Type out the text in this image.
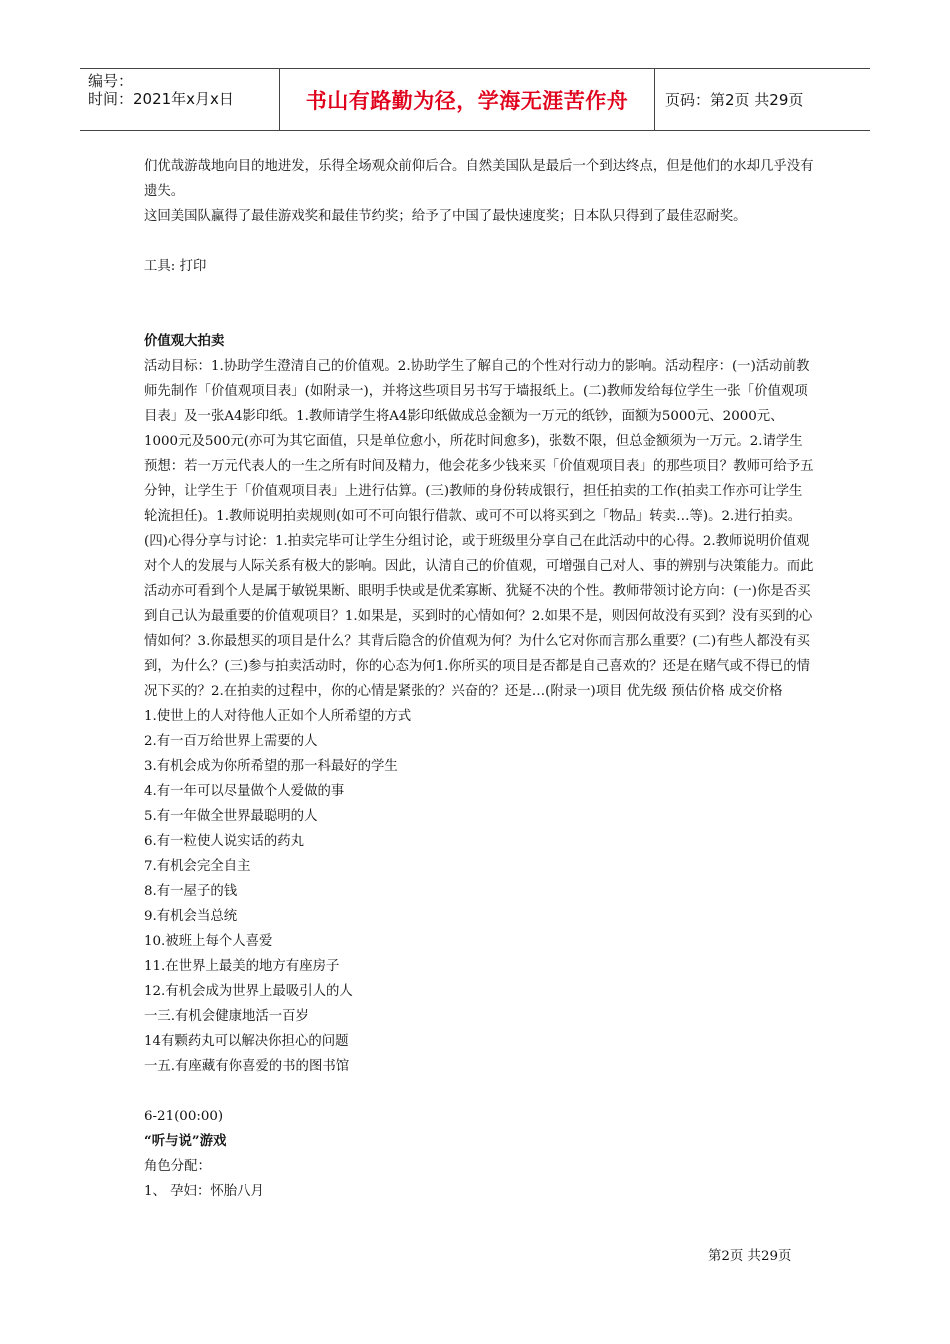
编号：
时间：2021年x月x日	书山有路勤为径，学海无涯苦作舟	页码：第2页 共29页

们优哉游哉地向目的地进发，乐得全场观众前仰后合。自然美国队是最后一个到达终点，但是他们的水却几乎没有遗失。

这回美国队赢得了最佳游戏奖和最佳节约奖；给予了中国了最快速度奖；日本队只得到了最佳忍耐奖。

工具: 打印

价值观大拍卖

活动目标：1.协助学生澄清自己的价值观。2.协助学生了解自己的个性对行动力的影响。活动程序：(一)活动前教师先制作「价值观项目表」(如附录一)，并将这些项目另书写于墙报纸上。(二)教师发给每位学生一张「价值观项目表」及一张A4影印纸。1.教师请学生将A4影印纸做成总金额为一万元的纸钞，面额为5000元、2000元、1000元及500元(亦可为其它面值，只是单位愈小，所花时间愈多)，张数不限，但总金额须为一万元。2.请学生预想：若一万元代表人的一生之所有时间及精力，他会花多少钱来买「价值观项目表」的那些项目？教师可给予五分钟，让学生于「价值观项目表」上进行估算。(三)教师的身份转成银行，担任拍卖的工作(拍卖工作亦可让学生轮流担任)。1.教师说明拍卖规则(如可不可向银行借款、或可不可以将买到之「物品」转卖…等)。2.进行拍卖。(四)心得分享与讨论：1.拍卖完毕可让学生分组讨论，或于班级里分享自己在此活动中的心得。2.教师说明价值观对个人的发展与人际关系有极大的影响。因此，认清自己的价值观，可增强自己对人、事的辨别与决策能力。而此活动亦可看到个人是属于敏锐果断、眼明手快或是优柔寡断、犹疑不决的个性。教师带领讨论方向：(一)你是否买到自己认为最重要的价值观项目？1.如果是，买到时的心情如何？2.如果不是，则因何故没有买到？没有买到的心情如何？3.你最想买的项目是什么？其背后隐含的价值观为何？为什么它对你而言那么重要？(二)有些人都没有买到，为什么？(三)参与拍卖活动时，你的心态为何1.你所买的项目是否都是自己喜欢的？还是在赌气或不得已的情况下买的？2.在拍卖的过程中，你的心情是紧张的？兴奋的？还是…(附录一)项目 优先级 预估价格 成交价格

1.使世上的人对待他人正如个人所希望的方式

2.有一百万给世界上需要的人

3.有机会成为你所希望的那一科最好的学生

4.有一年可以尽量做个人爱做的事

5.有一年做全世界最聪明的人

6.有一粒使人说实话的药丸

7.有机会完全自主

8.有一屋子的钱

9.有机会当总统

10.被班上每个人喜爱

11.在世界上最美的地方有座房子

12.有机会成为世界上最吸引人的人

一三.有机会健康地活一百岁

14有颗药丸可以解决你担心的问题

一五.有座藏有你喜爱的书的图书馆

6-21(00:00)

“听与说”游戏

角色分配：

1、 孕妇：怀胎八月

第2页 共29页
